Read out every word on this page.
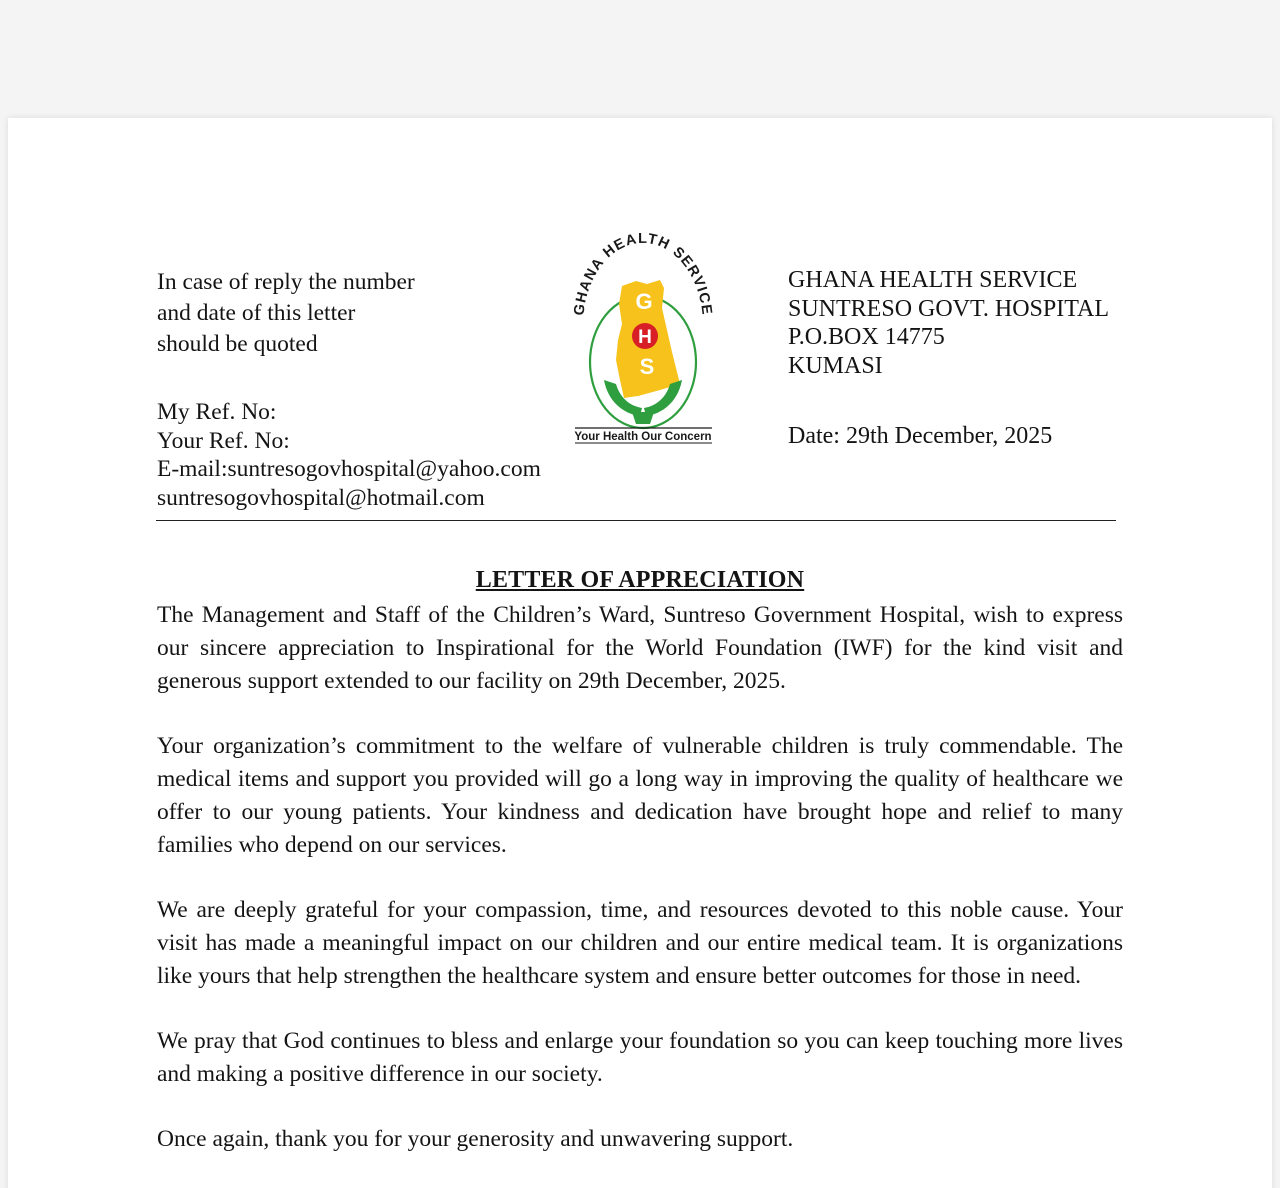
In case of reply the number
and date of this letter
should be quoted
My Ref. No:
Your Ref. No:
E-mail:suntresogovhospital@yahoo.com
suntresogovhospital@hotmail.com
GHANA HEALTH SERVICE
G
H
S
Your Health Our Concern
GHANA HEALTH SERVICE
SUNTRESO GOVT. HOSPITAL
P.O.BOX 14775
KUMASI
Date: 29th December, 2025
LETTER OF APPRECIATION
The Management and Staff of the Children’s Ward, Suntreso Government Hospital, wish to express our sincere appreciation to Inspirational for the World Foundation (IWF) for the kind visit and generous support extended to our facility on 29th December, 2025.
Your organization’s commitment to the welfare of vulnerable children is truly commendable. The medical items and support you provided will go a long way in improving the quality of healthcare we offer to our young patients. Your kindness and dedication have brought hope and relief to many families who depend on our services.
We are deeply grateful for your compassion, time, and resources devoted to this noble cause. Your visit has made a meaningful impact on our children and our entire medical team. It is organizations like yours that help strengthen the healthcare system and ensure better outcomes for those in need.
We pray that God continues to bless and enlarge your foundation so you can keep touching more lives and making a positive difference in our society.
Once again, thank you for your generosity and unwavering support.
